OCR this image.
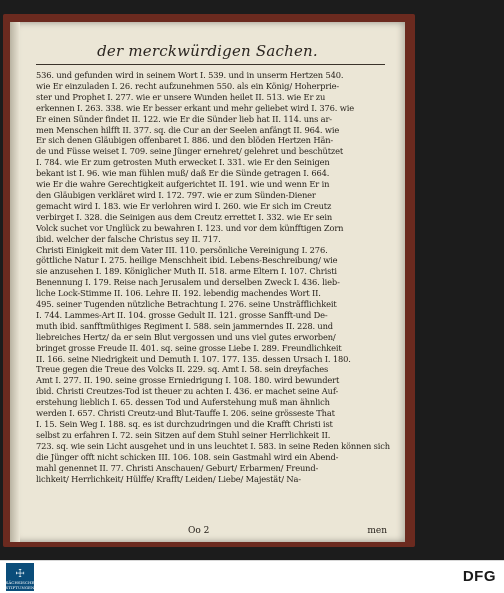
der merckwürdigen Sachen.
536. und gefunden wird in seinem Wort I. 539. und in unserm Hertzen 540.
wie Er einzuladen I. 26. recht aufzunehmen 550. als ein König/ Hoherprie-
ster und Prophet I. 277. wie er unsere Wunden heilet II. 513. wie Er zu
erkennen I. 263. 338. wie Er besser erkant und mehr geliebet wird I. 376. wie
Er einen Sünder findet II. 122. wie Er die Sünder lieb hat II. 114. uns ar-
men Menschen hilfft II. 377. sq. die Cur an der Seelen anfängt II. 964. wie
Er sich denen Gläubigen offenbaret I. 886. und den blöden Hertzen Hän-
de und Füsse weiset I. 709. seine Jünger ernehret/ gelehret und beschützet
I. 784. wie Er zum getrosten Muth erwecket I. 331. wie Er den Seinigen
bekant ist I. 96. wie man fühlen muß/ daß Er die Sünde getragen I. 664.
wie Er die wahre Gerechtigkeit aufgerichtet II. 191. wie und wenn Er in
den Gläubigen verkläret wird I. 172. 797. wie er zum Sünden-Diener
gemacht wird I. 183. wie Er verlohren wird I. 260. wie Er sich im Creutz
verbirget I. 328. die Seinigen aus dem Creutz errettet I. 332. wie Er sein
Volck suchet vor Unglück zu bewahren I. 123. und vor dem künfftigen Zorn
ibid. welcher der falsche Christus sey II. 717.
Christi Einigkeit mit dem Vater III. 110. persönliche Vereinigung I. 276.
göttliche Natur I. 275. heilige Menschheit ibid. Lebens-Beschreibung/ wie
sie anzusehen I. 189. Königlicher Muth II. 518. arme Eltern I. 107. Christi
Benennung I. 179. Reise nach Jerusalem und derselben Zweck I. 436. lieb-
liche Lock-Stimme II. 106. Lehre II. 192. lebendig machendes Wort II.
495. seiner Tugenden nützliche Betrachtung I. 276. seine Unsträfflichkeit
I. 744. Lammes-Art II. 104. grosse Gedult II. 121. grosse Sanfft-und De-
muth ibid. sanfftmüthiges Regiment I. 588. sein jammerndes II. 228. und
liebreiches Hertz/ da er sein Blut vergossen und uns viel gutes erworben/
bringet grosse Freude II. 401. sq. seine grosse Liebe I. 289. Freundlichkeit
II. 166. seine Niedrigkeit und Demuth I. 107. 177. 135. dessen Ursach I. 180.
Treue gegen die Treue des Volcks II. 229. sq. Amt I. 58. sein dreyfaches
Amt I. 277. II. 190. seine grosse Erniedrigung I. 108. 180. wird bewundert
ibid. Christi Creutzes-Tod ist theuer zu achten I. 436. er machet seine Auf-
erstehung lieblich I. 65. dessen Tod und Auferstehung muß man ähnlich
werden I. 657. Christi Creutz-und Blut-Tauffe I. 206. seine grösseste That
I. 15. Sein Weg I. 188. sq. es ist durchzudringen und die Krafft Christi ist
selbst zu erfahren I. 72. sein Sitzen auf dem Stuhl seiner Herrlichkeit II.
723. sq. wie sein Licht ausgehet und in uns leuchtet I. 583. in seine Reden können sich
die Jünger offt nicht schicken III. 106. 108. sein Gastmahl wird ein Abend-
mahl genennet II. 77. Christi Anschauen/ Geburt/ Erbarmen/ Freund-
lichkeit/ Herrlichkeit/ Hülffe/ Krafft/ Leiden/ Liebe/ Majestät/ Na-
Oo 2	men
☩
SÄCHSISCHE STIFTUNGEN
DFG
